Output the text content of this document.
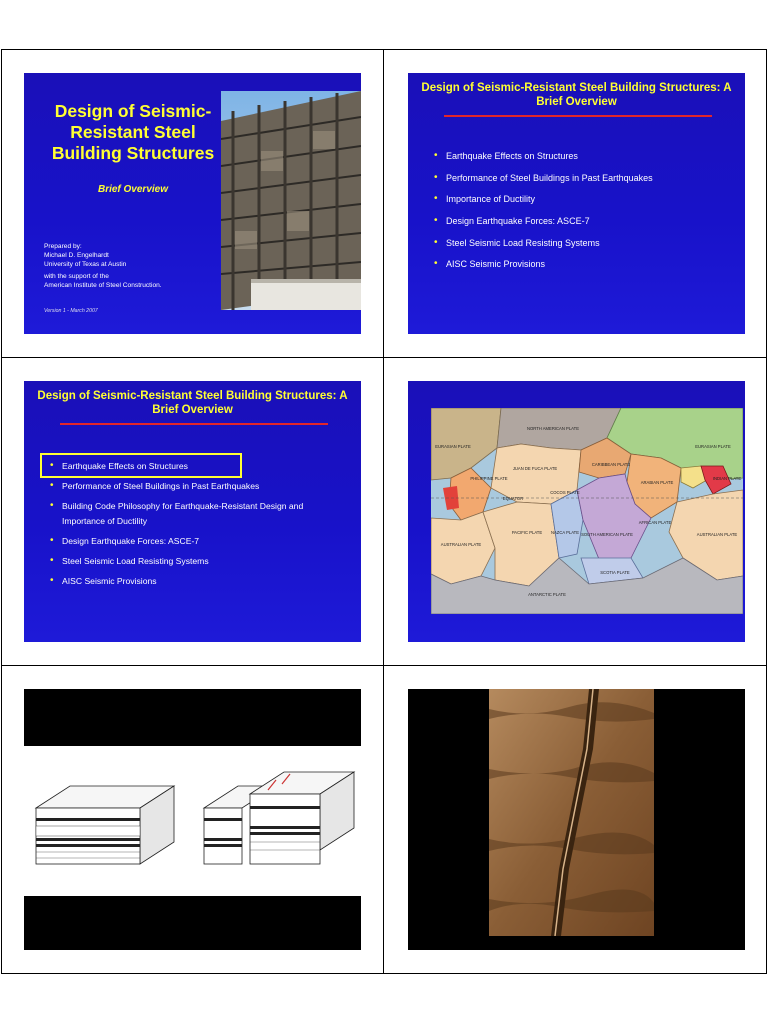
Design of Seismic-Resistant Steel Building Structures
Brief Overview
Prepared by:
Michael D. Engelhardt
University of Texas at Austin
with the support of the
American Institute of Steel Construction.
Version 1 - March 2007
Design of Seismic-Resistant Steel Building Structures: A Brief Overview
• Earthquake Effects on Structures
• Performance of Steel Buildings in Past Earthquakes
• Importance of Ductility
• Design Earthquake Forces: ASCE-7
• Steel Seismic Load Resisting Systems
• AISC Seismic Provisions
Design of Seismic-Resistant Steel Building Structures: A Brief Overview
• Earthquake Effects on Structures
• Performance of Steel Buildings in Past Earthquakes
• Building Code Philosophy for Earthquake-Resistant Design and Importance of Ductility
• Design Earthquake Forces: ASCE-7
• Steel Seismic Load Resisting Systems
• AISC Seismic Provisions
EURASIAN PLATE
NORTH AMERICAN PLATE
EURASIAN PLATE
JUAN DE FUCA PLATE
PHILIPPINE PLATE
CARIBBEAN PLATE
ARABIAN PLATE
INDIAN PLATE
EQUATOR
COCOS PLATE
PACIFIC PLATE NAZCA PLATE SOUTH AMERICAN PLATE
AFRICAN PLATE
AUSTRALIAN PLATE
AUSTRALIAN PLATE
SCOTIA PLATE
ANTARCTIC PLATE
